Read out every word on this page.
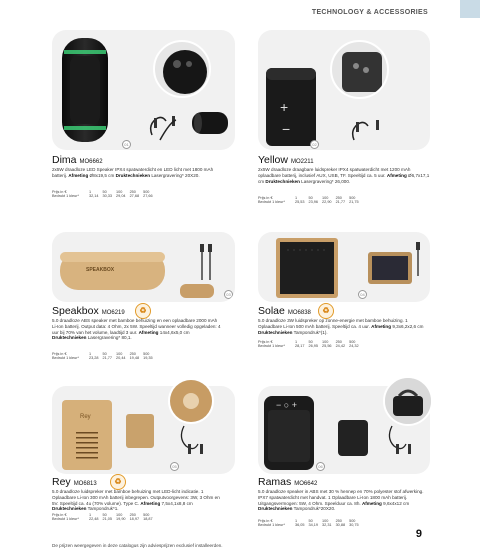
TECHNOLOGY & ACCESSORIES
01
Dima MO6662
2x5W draadloze LED Speaker IPX4 spatwaterdicht en LED licht met 1800 mAh batterij. Afmeting Ø8x19,5 cm Druktechnieken Lasergravering* 20X20.
Prijs in €	1	50	100	250	500
Bedrukt 1 kleur*	32,14	30,33	29,04	27,68	27,66
+
−
02
Yellow MO2211
2x5W draadloze draagbare luidspreker IPX4 spatwaterdicht met 1200 mAh oplaadbare batterij, inclusief AUX, USB, TF. Speeltijd ca. 5 uur. Afmeting Ø6,7x17,1 cm Druktechnieken Lasergravering* 26,000.
Prijs in €	1	50	100	250	500
Bedrukt 1 kleur*	25,53	23,96	22,90	21,77	21,75
SPEAKBOX
03
Speakbox MO6219	♻
5.0 draadloze ABS speaker met bamboe behuizing en een oplaadbare 2000 mAh Li-Ion batterij. Output data: 4 Ohm, 2x 5W. Speeltijd wanneer volledig opgeladen: 4 uur bij 70% van het volume, laadtijd 3 uur. Afmeting 14x4,6x5,0 cm Druktechnieken Lasergravering* 80,1.
Prijs in €	1	50	100	250	500
Bedrukt 1 kleur*	23,28	21,77	20,44	19,48	19,35
04
Solae MO6838	♻
5.0 draadloze 3W luidspreker op zonne-energie met bamboe behuizing. 1 Oplaadbare Li-Ion 500 mAh batterij. Speeltijd ca. 4 uur. Afmeting 9,3x6,2x2,6 cm Druktechnieken Tampondruk*(1).
Prijs in €	1	50	100	250	500
Bedrukt 1 kleur*	28,17	26,95	25,56	24,42	24,32
Rey
05
Rey MO6813	♻
5.0 draadloze luidspreker met bamboe behuizing met LED-licht indicatie. 1 Oplaadbare Li-Ion 300 mAh batterij inbegrepen. Outputvoorgevens: 3W, 3 Ohm en 5V. Speeltijd ca. 4u (70% volume). Type C. Afmeting 7,5x4,1x8,8 cm Druktechnieken Tampondruk*1.
Prijs in €	1	50	100	250	500
Bedrukt 1 kleur*	22,48	21,05	19,90	18,97	18,87
− ○ +
06
Ramas MO6642
5.0 draadloze speaker in ABS met 30 % hennep en 70% polyester stof afwerking. IPX7 spatwaterdicht met handvat. 1 Oplaadbare Li-Ion 1800 mAh batterij. Uitgangsvermogen: 5W, 4 Ohm. Speelduur ca. 8h. Afmeting 9,6x4x12 cm Druktechnieken Tampondruk*20X20.
Prijs in €	1	50	100	250	500
Bedrukt 1 kleur*	36,05	34,19	32,31	30,88	30,75
De prijzen weergegeven in deze catalogus zijn adviesprijzen exclusief installeerden.
9
